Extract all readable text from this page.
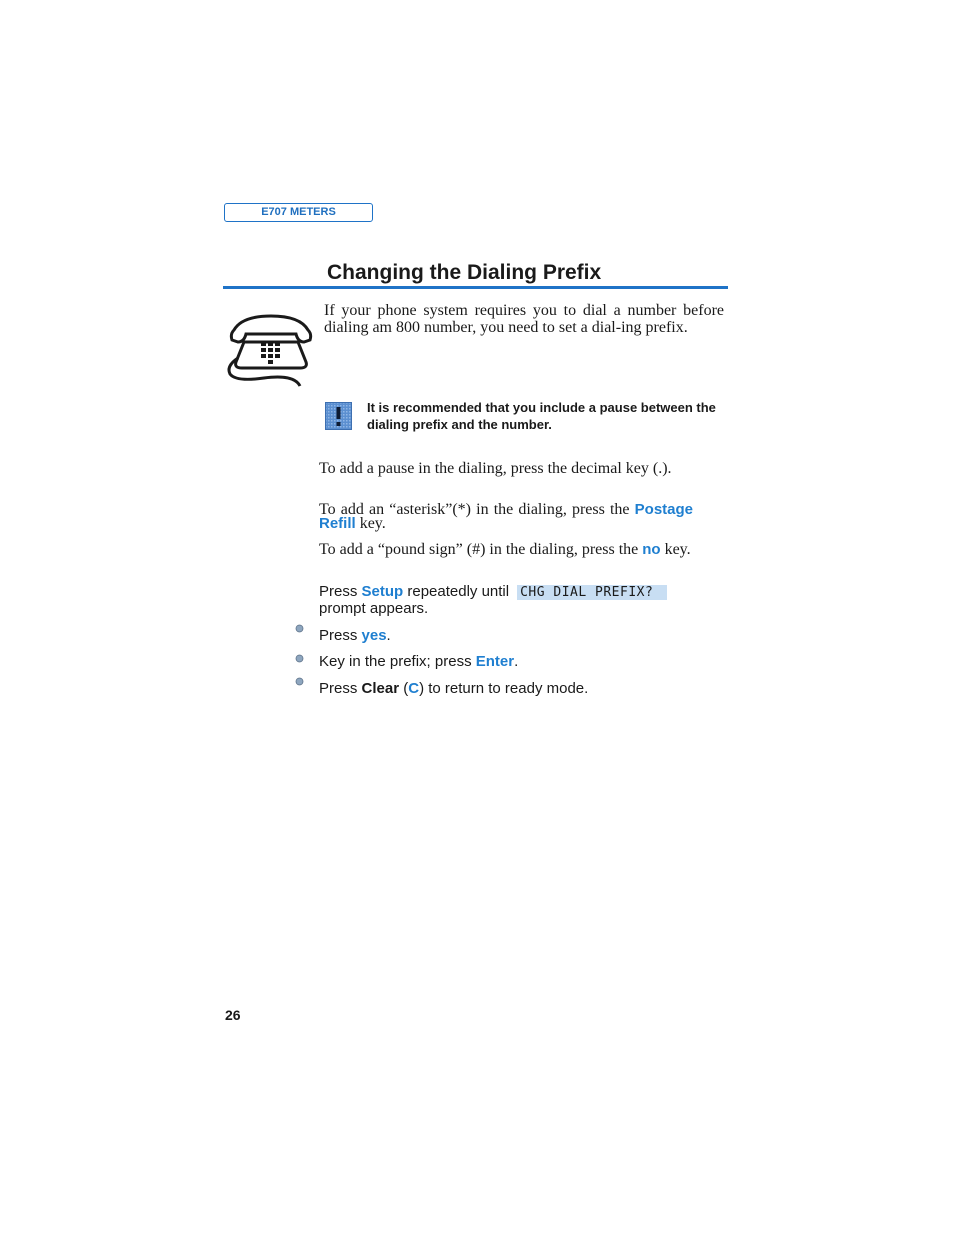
E707 METERS
Changing the Dialing Prefix

If your phone system requires you to dial a number before dialing am 800 number, you need to set a dial-ing prefix.

It is recommended that you include a pause between the dialing prefix and the number.

To add a pause in the dialing, press the decimal key (.).

To add an “asterisk”(*) in the dialing, press the Postage Refill key.

To add a “pound sign” (#) in the dialing, press the no key.

Press Setup repeatedly until CHG DIAL PREFIX?

prompt appears.

Press yes.

Key in the prefix; press Enter.

Press Clear (C) to return to ready mode.

26
